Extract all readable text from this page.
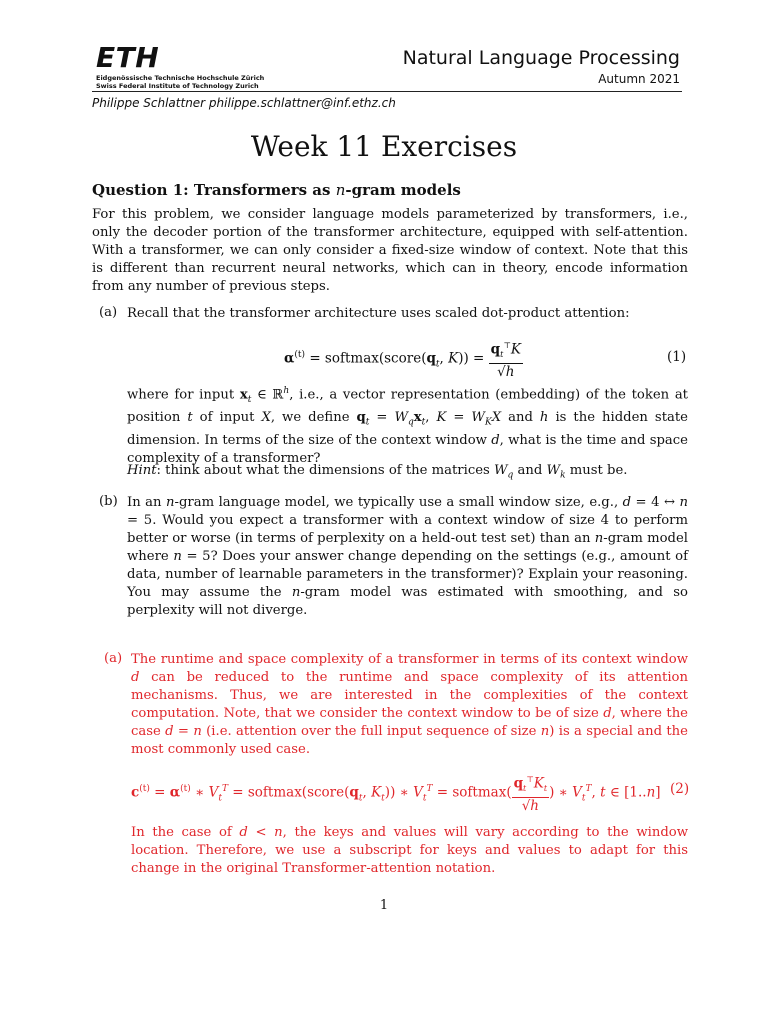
ETH
Eidgenössische Technische Hochschule Zürich
Swiss Federal Institute of Technology Zurich
Natural Language Processing
Autumn 2021
Philippe Schlattner philippe.schlattner@inf.ethz.ch
Week 11 Exercises
Question 1: Transformers as n-gram models
For this problem, we consider language models parameterized by transformers, i.e., only the decoder portion of the transformer architecture, equipped with self-attention. With a transformer, we can only consider a fixed-size window of context. Note that this is different than recurrent neural networks, which can in theory, encode information from any number of previous steps.
(a) Recall that the transformer architecture uses scaled dot-product attention:
$\alpha^{(t)}$ = $softmax(score(q_t$, $K)) = \frac{q_t^⊤K}{√h}$	(1)
where for input $x_t$ ∈ ℝ$^h$, i.e., a vector representation (embedding) of the token at position t of input X, we define $q_t = W_qx_t$, $K = W_KX$ and h is the hidden state dimension. In terms of the size of the context window d, what is the time and space complexity of a transformer?
Hint: think about what the dimensions of the matrices $W_q$ and $W_k$ must be.
(b) In an n-gram language model, we typically use a small window size, e.g., d = 4 ↔ n = 5. Would you expect a transformer with a context window of size 4 to perform better or worse (in terms of perplexity on a held-out test set) than an n-gram model where n = 5? Does your answer change depending on the settings (e.g., amount of data, number of learnable parameters in the transformer)? Explain your reasoning. You may assume the n-gram model was estimated with smoothing, and so perplexity will not diverge.
(a) The runtime and space complexity of a transformer in terms of its context window d can be reduced to the runtime and space complexity of its attention mechanisms. Thus, we are interested in the complexities of the context computation. Note, that we consider the context window to be of size d, where the case d = n (i.e. attention over the full input sequence of size n) is a special and the most commonly used case.
$c^{(t)} = \alpha^{(t)}$ ∗ $V_t^T$ = $softmax(score(q_t$, $K_t$)) ∗ $V_t^T$ = softmax( $\frac{q_t^⊤K_t}{√h}$ ) ∗ $V_t^T$, t ∈ [1..n] (2)
In the case of d < n, the keys and values will vary according to the window location. Therefore, we use a subscript for keys and values to adapt for this change in the original Transformer-attention notation.
1
